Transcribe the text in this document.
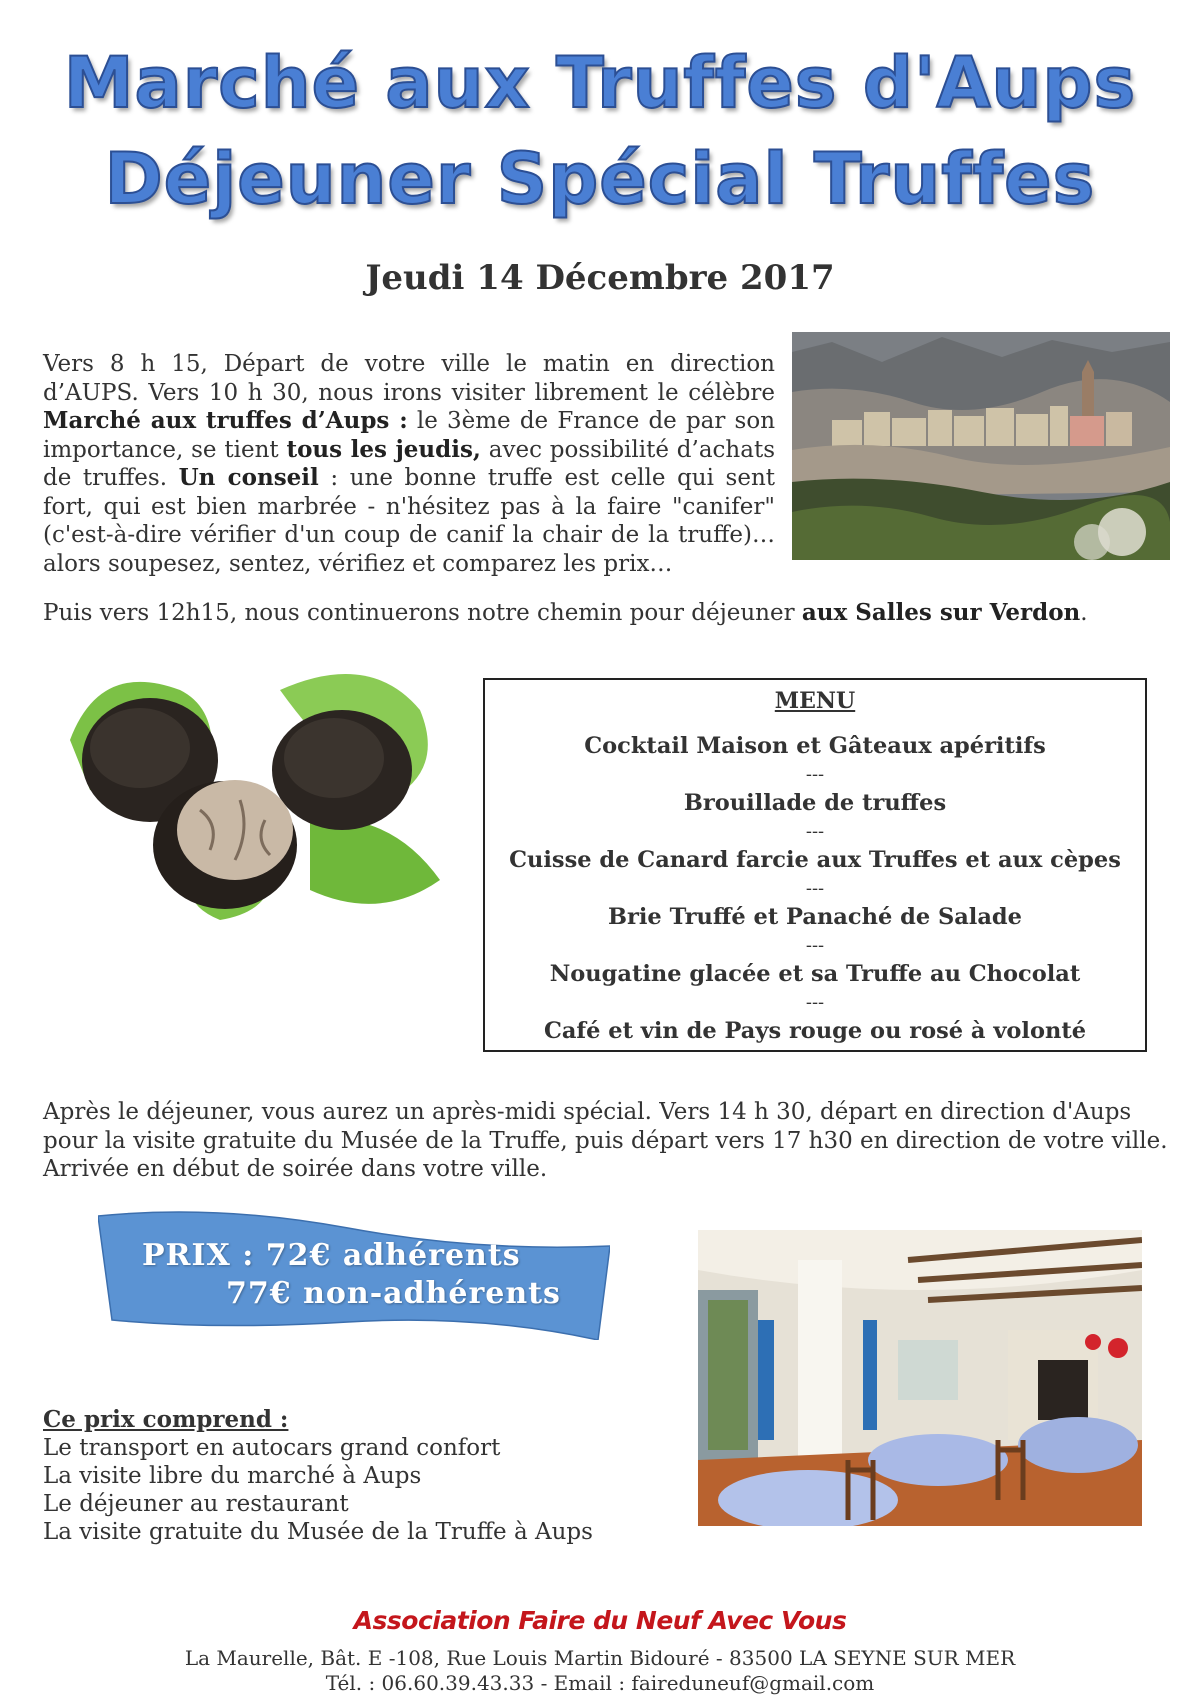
Marché aux Truffes d'Aups
Déjeuner Spécial Truffes
Jeudi 14 Décembre 2017
Vers 8 h 15, Départ de votre ville le matin en direction d’AUPS. Vers 10 h 30, nous irons visiter librement le célèbre Marché aux truffes d’Aups : le 3ème de France de par son importance, se tient tous les jeudis, avec possibilité d’achats de truffes. Un conseil : une bonne truffe est celle qui sent fort, qui est bien marbrée - n'hésitez pas à la faire "canifer" (c'est-à-dire vérifier d'un coup de canif la chair de la truffe)… alors soupesez, sentez, vérifiez et comparez les prix…
Puis vers 12h15, nous continuerons notre chemin pour déjeuner aux Salles sur Verdon.
MENU
Cocktail Maison et Gâteaux apéritifs
---
Brouillade de truffes
---
Cuisse de Canard farcie aux Truffes et aux cèpes
---
Brie Truffé et Panaché de Salade
---
Nougatine glacée et sa Truffe au Chocolat
---
Café et vin de Pays rouge ou rosé à volonté
Après le déjeuner, vous aurez un après-midi spécial. Vers 14 h 30, départ en direction d'Aups pour la visite gratuite du Musée de la Truffe, puis départ vers 17 h30 en direction de votre ville. Arrivée en début de soirée dans votre ville.
PRIX : 72€ adhérents
77€ non-adhérents
Ce prix comprend :
Le transport en autocars grand confort
La visite libre du marché à Aups
Le déjeuner au restaurant
La visite gratuite du Musée de la Truffe à Aups
Association Faire du Neuf Avec Vous
La Maurelle, Bât. E -108, Rue Louis Martin Bidouré - 83500 LA SEYNE SUR MER
Tél. : 06.60.39.43.33 - Email : faireduneuf@gmail.com
